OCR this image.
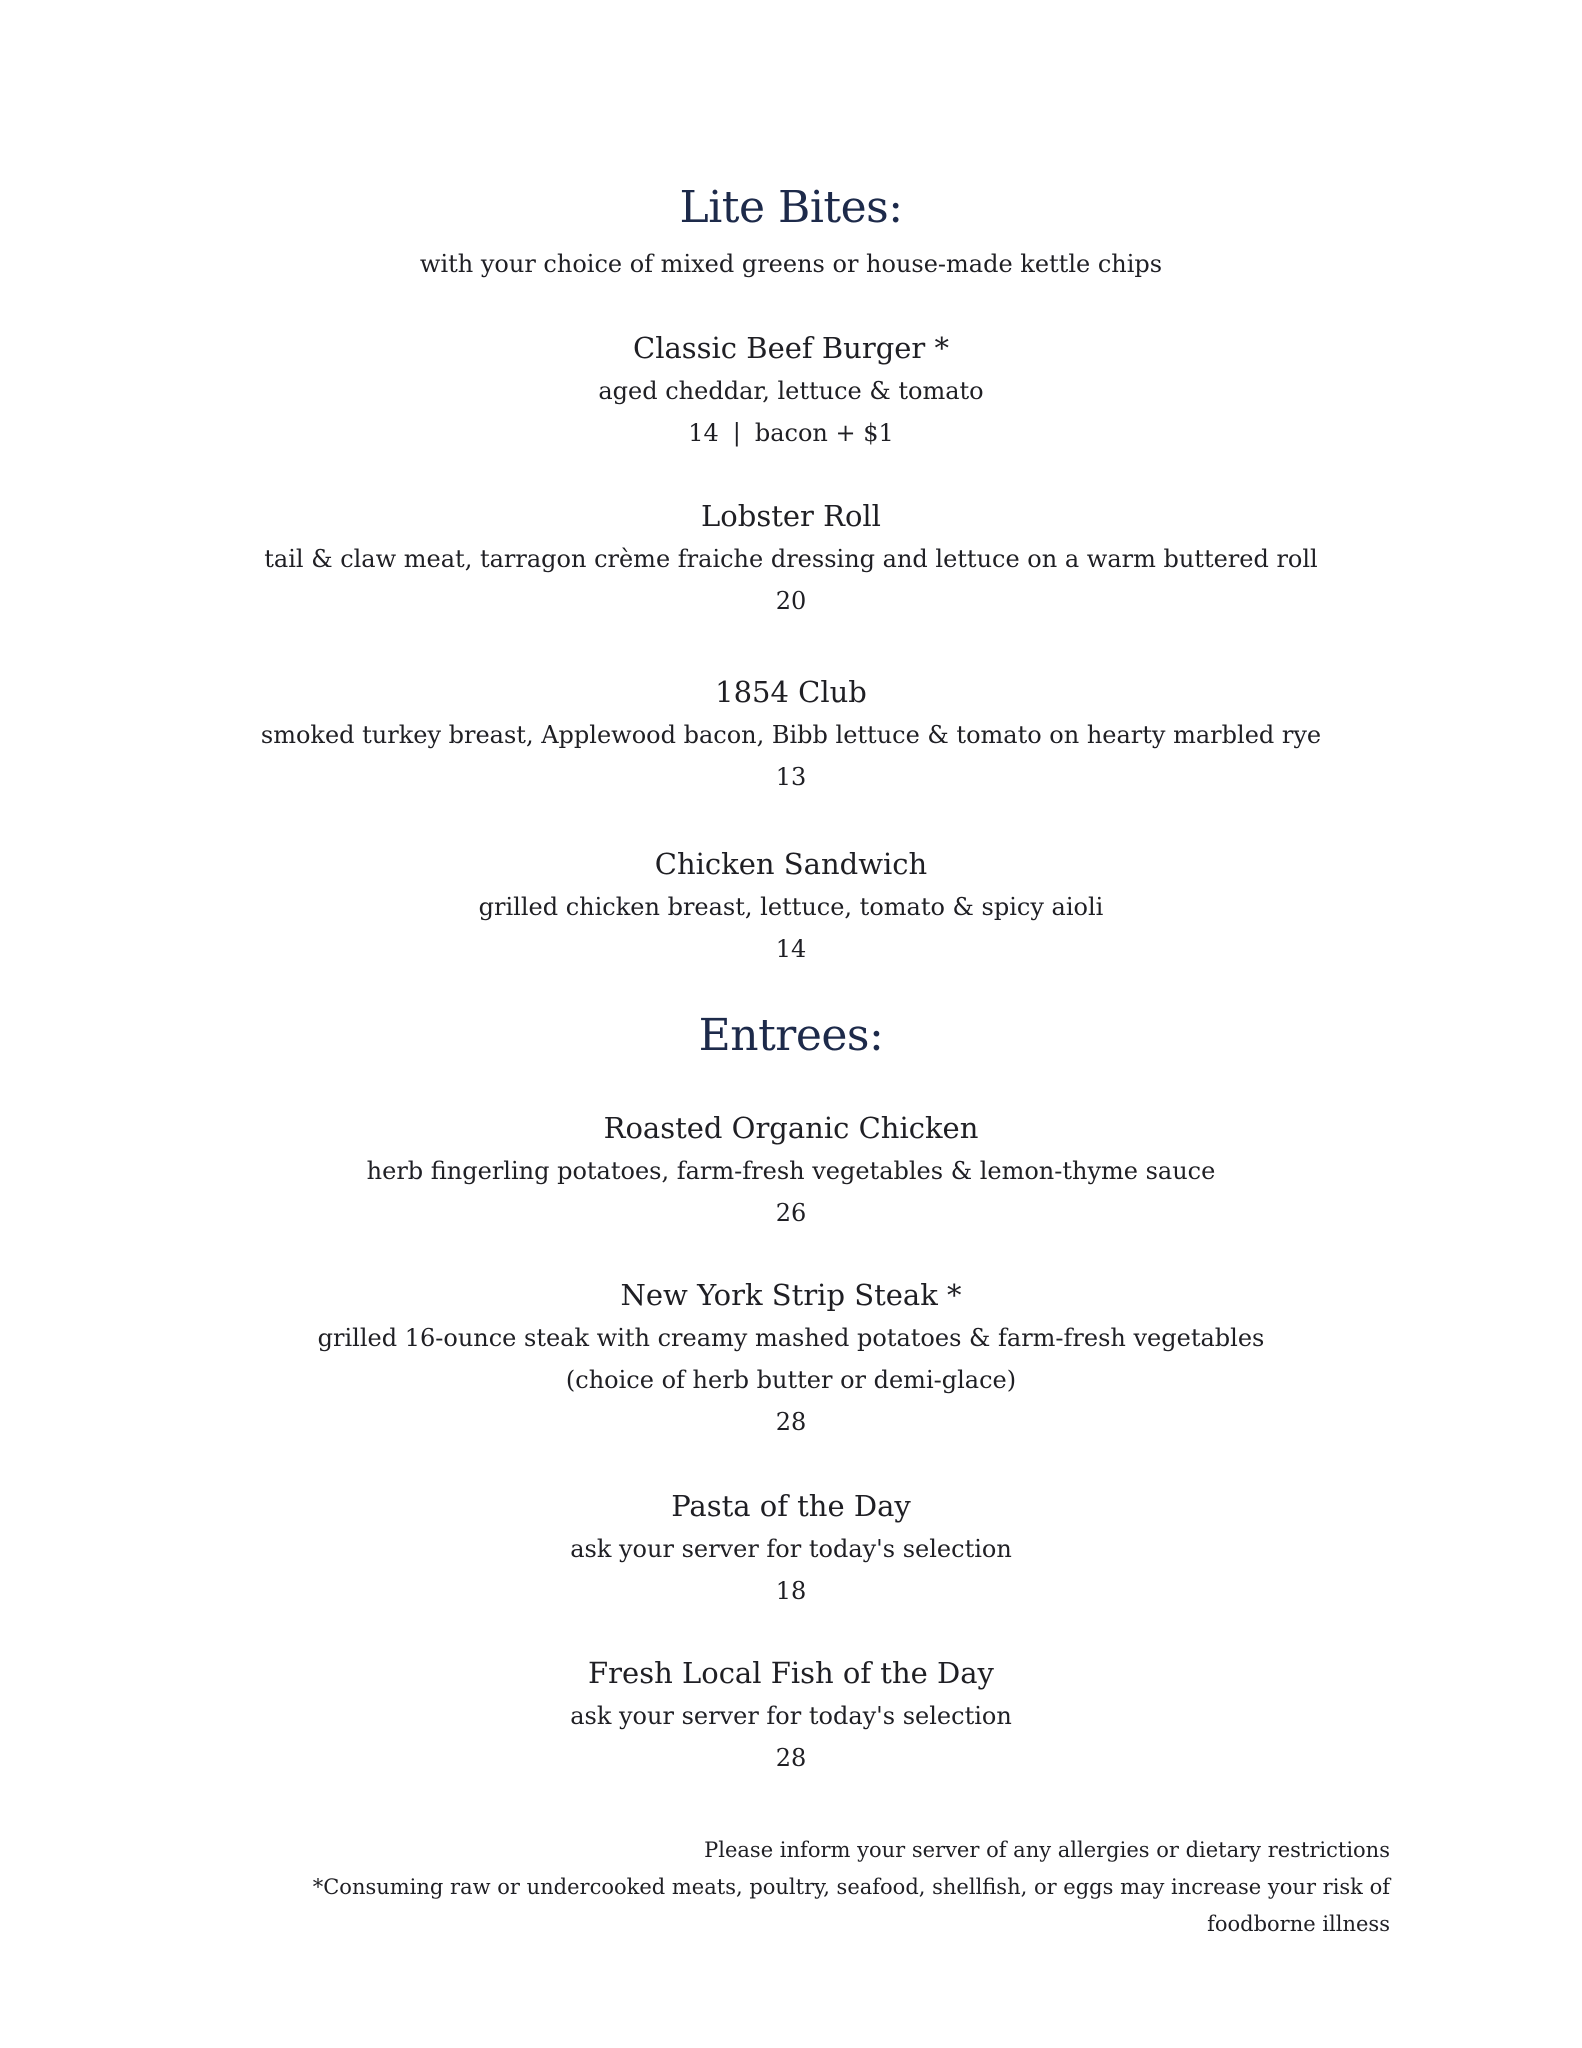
Lite Bites:
with your choice of mixed greens or house-made kettle chips
Classic Beef Burger *
aged cheddar, lettuce & tomato
14 | bacon + $1
Lobster Roll
tail & claw meat, tarragon crème fraiche dressing and lettuce on a warm buttered roll
20
1854 Club
smoked turkey breast, Applewood bacon, Bibb lettuce & tomato on hearty marbled rye
13
Chicken Sandwich
grilled chicken breast, lettuce, tomato & spicy aioli
14
Entrees:
Roasted Organic Chicken
herb fingerling potatoes, farm-fresh vegetables & lemon-thyme sauce
26
New York Strip Steak *
grilled 16-ounce steak with creamy mashed potatoes & farm-fresh vegetables
(choice of herb butter or demi-glace)
28
Pasta of the Day
ask your server for today's selection
18
Fresh Local Fish of the Day
ask your server for today's selection
28
Please inform your server of any allergies or dietary restrictions
*Consuming raw or undercooked meats, poultry, seafood, shellfish, or eggs may increase your risk of foodborne illness
